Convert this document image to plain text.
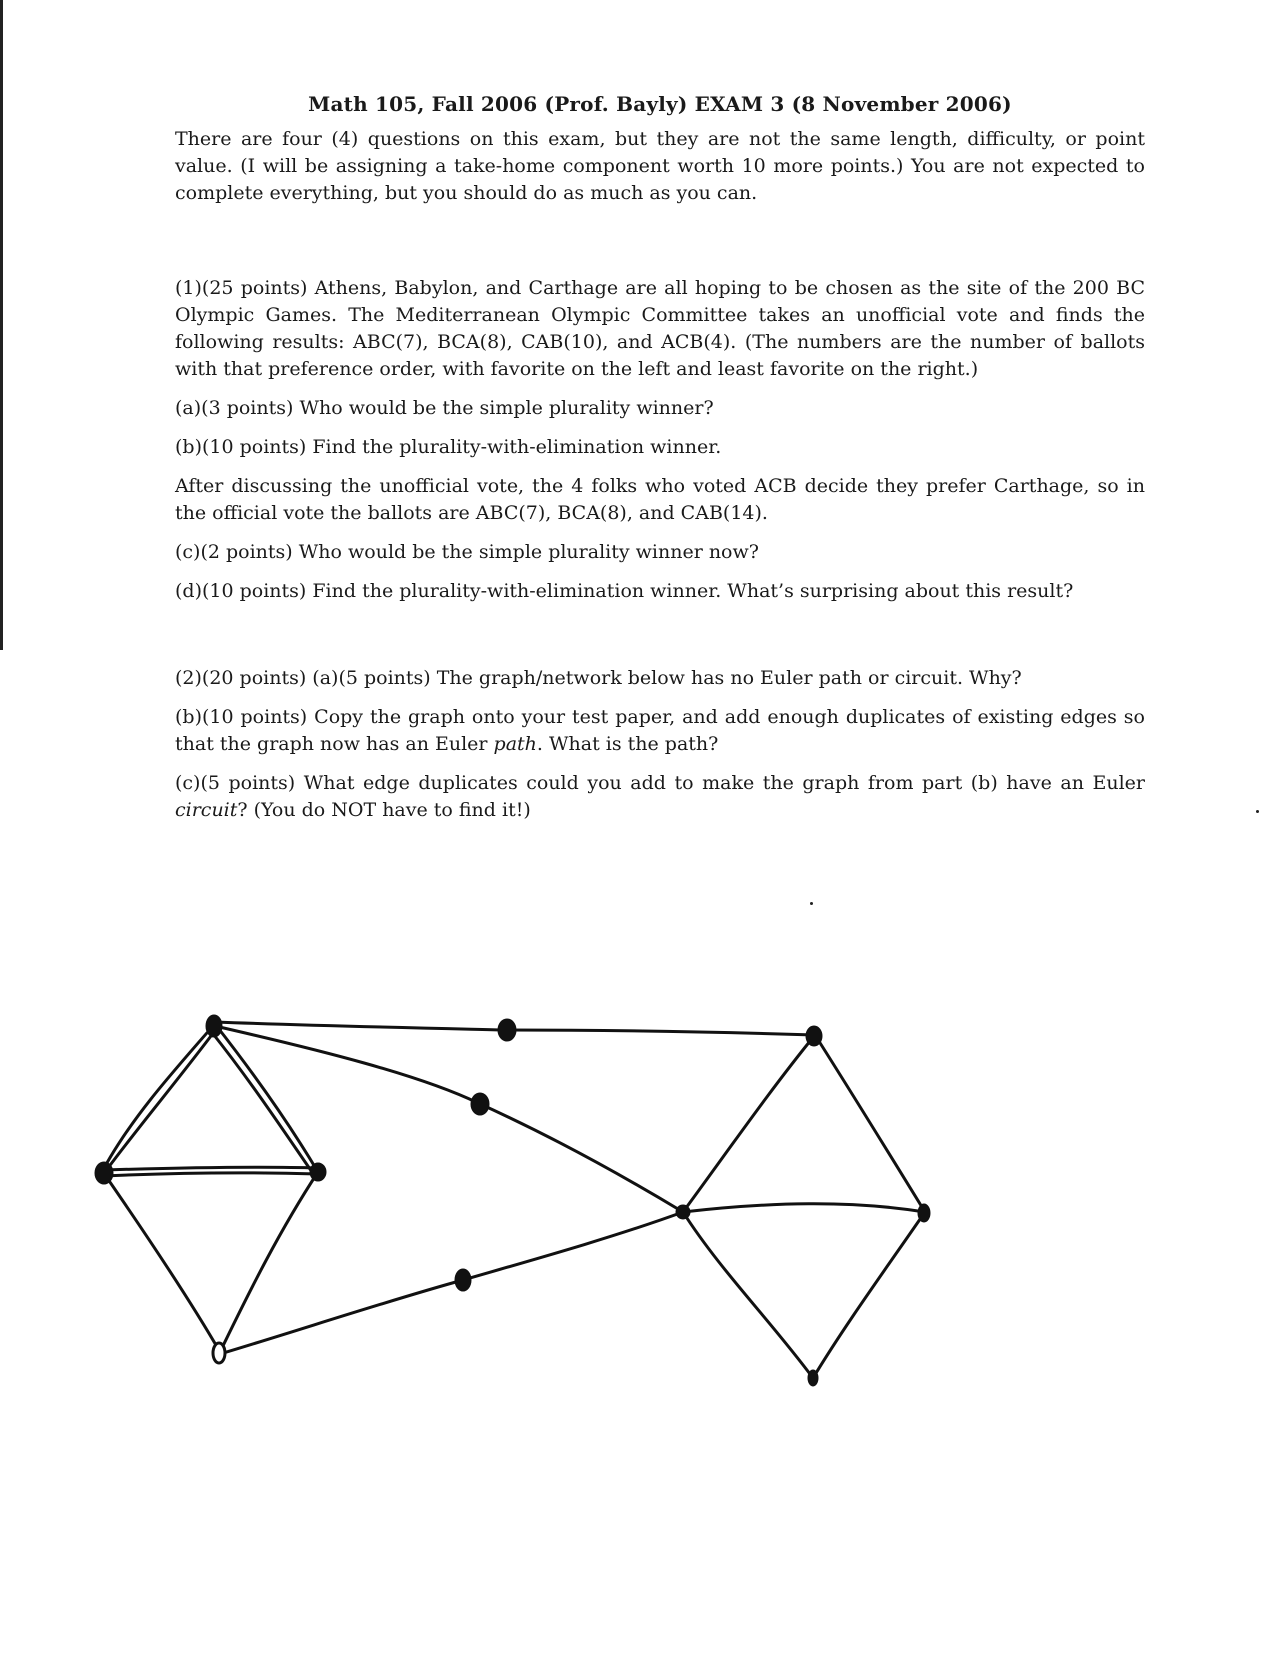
Math 105, Fall 2006 (Prof. Bayly) EXAM 3 (8 November 2006)

There are four (4) questions on this exam, but they are not the same length, difficulty, or point value. (I will be assigning a take-home component worth 10 more points.) You are not expected to complete everything, but you should do as much as you can.

(1)(25 points) Athens, Babylon, and Carthage are all hoping to be chosen as the site of the 200 BC Olympic Games. The Mediterranean Olympic Committee takes an unofficial vote and finds the following results: ABC(7), BCA(8), CAB(10), and ACB(4). (The numbers are the number of ballots with that preference order, with favorite on the left and least favorite on the right.)

(a)(3 points) Who would be the simple plurality winner?

(b)(10 points) Find the plurality-with-elimination winner.

After discussing the unofficial vote, the 4 folks who voted ACB decide they prefer Carthage, so in the official vote the ballots are ABC(7), BCA(8), and CAB(14).

(c)(2 points) Who would be the simple plurality winner now?

(d)(10 points) Find the plurality-with-elimination winner. What’s surprising about this result?

(2)(20 points) (a)(5 points) The graph/network below has no Euler path or circuit. Why?

(b)(10 points) Copy the graph onto your test paper, and add enough duplicates of existing edges so that the graph now has an Euler path. What is the path?

(c)(5 points) What edge duplicates could you add to make the graph from part (b) have an Euler circuit? (You do NOT have to find it!)
